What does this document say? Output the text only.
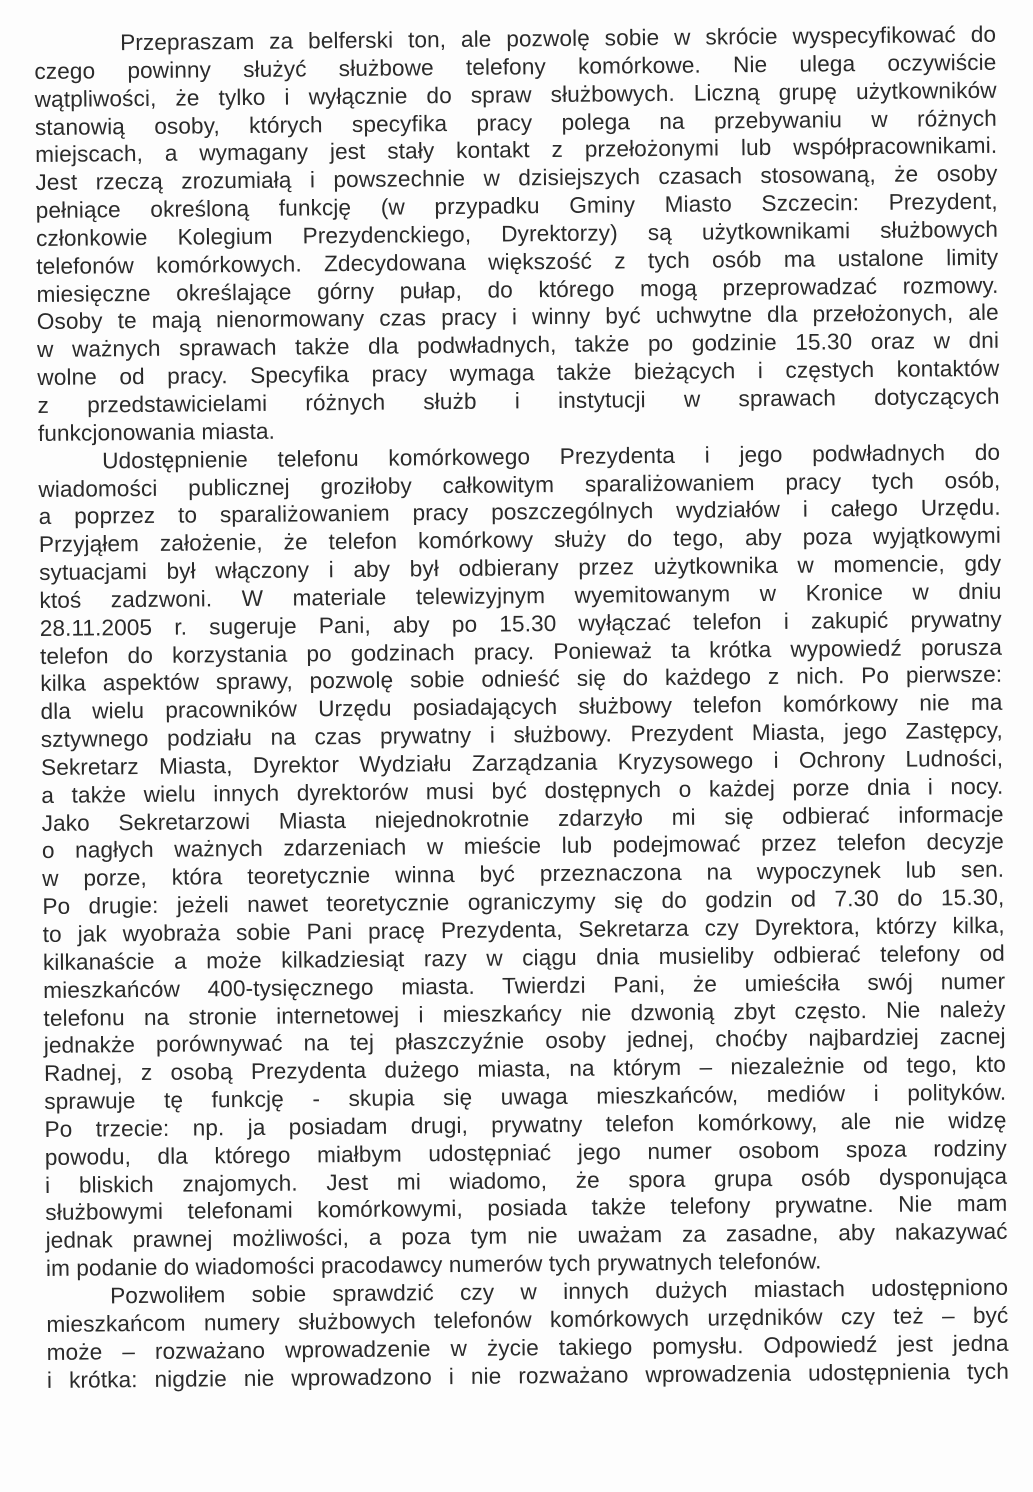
Przepraszam za belferski ton, ale pozwolę sobie w skrócie wyspecyfikować do
czego powinny służyć służbowe telefony komórkowe. Nie ulega oczywiście
wątpliwości, że tylko i wyłącznie do spraw służbowych. Liczną grupę użytkowników
stanowią osoby, których specyfika pracy polega na przebywaniu w różnych
miejscach, a wymagany jest stały kontakt z przełożonymi lub współpracownikami.
Jest rzeczą zrozumiałą i powszechnie w dzisiejszych czasach stosowaną, że osoby
pełniące określoną funkcję (w przypadku Gminy Miasto Szczecin: Prezydent,
członkowie Kolegium Prezydenckiego, Dyrektorzy) są użytkownikami służbowych
telefonów komórkowych. Zdecydowana większość z tych osób ma ustalone limity
miesięczne określające górny pułap, do którego mogą przeprowadzać rozmowy.
Osoby te mają nienormowany czas pracy i winny być uchwytne dla przełożonych, ale
w ważnych sprawach także dla podwładnych, także po godzinie 15.30 oraz w dni
wolne od pracy. Specyfika pracy wymaga także bieżących i częstych kontaktów
z przedstawicielami różnych służb i instytucji w sprawach dotyczących
funkcjonowania miasta.
Udostępnienie telefonu komórkowego Prezydenta i jego podwładnych do
wiadomości publicznej groziłoby całkowitym sparaliżowaniem pracy tych osób,
a poprzez to sparaliżowaniem pracy poszczególnych wydziałów i całego Urzędu.
Przyjąłem założenie, że telefon komórkowy służy do tego, aby poza wyjątkowymi
sytuacjami był włączony i aby był odbierany przez użytkownika w momencie, gdy
ktoś zadzwoni. W materiale telewizyjnym wyemitowanym w Kronice w dniu
28.11.2005 r. sugeruje Pani, aby po 15.30 wyłączać telefon i zakupić prywatny
telefon do korzystania po godzinach pracy. Ponieważ ta krótka wypowiedź porusza
kilka aspektów sprawy, pozwolę sobie odnieść się do każdego z nich. Po pierwsze:
dla wielu pracowników Urzędu posiadających służbowy telefon komórkowy nie ma
sztywnego podziału na czas prywatny i służbowy. Prezydent Miasta, jego Zastępcy,
Sekretarz Miasta, Dyrektor Wydziału Zarządzania Kryzysowego i Ochrony Ludności,
a także wielu innych dyrektorów musi być dostępnych o każdej porze dnia i nocy.
Jako Sekretarzowi Miasta niejednokrotnie zdarzyło mi się odbierać informacje
o nagłych ważnych zdarzeniach w mieście lub podejmować przez telefon decyzje
w porze, która teoretycznie winna być przeznaczona na wypoczynek lub sen.
Po drugie: jeżeli nawet teoretycznie ograniczymy się do godzin od 7.30 do 15.30,
to jak wyobraża sobie Pani pracę Prezydenta, Sekretarza czy Dyrektora, którzy kilka,
kilkanaście a może kilkadziesiąt razy w ciągu dnia musieliby odbierać telefony od
mieszkańców 400-tysięcznego miasta. Twierdzi Pani, że umieściła swój numer
telefonu na stronie internetowej i mieszkańcy nie dzwonią zbyt często. Nie należy
jednakże porównywać na tej płaszczyźnie osoby jednej, choćby najbardziej zacnej
Radnej, z osobą Prezydenta dużego miasta, na którym – niezależnie od tego, kto
sprawuje tę funkcję - skupia się uwaga mieszkańców, mediów i polityków.
Po trzecie: np. ja posiadam drugi, prywatny telefon komórkowy, ale nie widzę
powodu, dla którego miałbym udostępniać jego numer osobom spoza rodziny
i bliskich znajomych. Jest mi wiadomo, że spora grupa osób dysponująca
służbowymi telefonami komórkowymi, posiada także telefony prywatne. Nie mam
jednak prawnej możliwości, a poza tym nie uważam za zasadne, aby nakazywać
im podanie do wiadomości pracodawcy numerów tych prywatnych telefonów.
Pozwoliłem sobie sprawdzić czy w innych dużych miastach udostępniono
mieszkańcom numery służbowych telefonów komórkowych urzędników czy też – być
może – rozważano wprowadzenie w życie takiego pomysłu. Odpowiedź jest jedna
i krótka: nigdzie nie wprowadzono i nie rozważano wprowadzenia udostępnienia tych
